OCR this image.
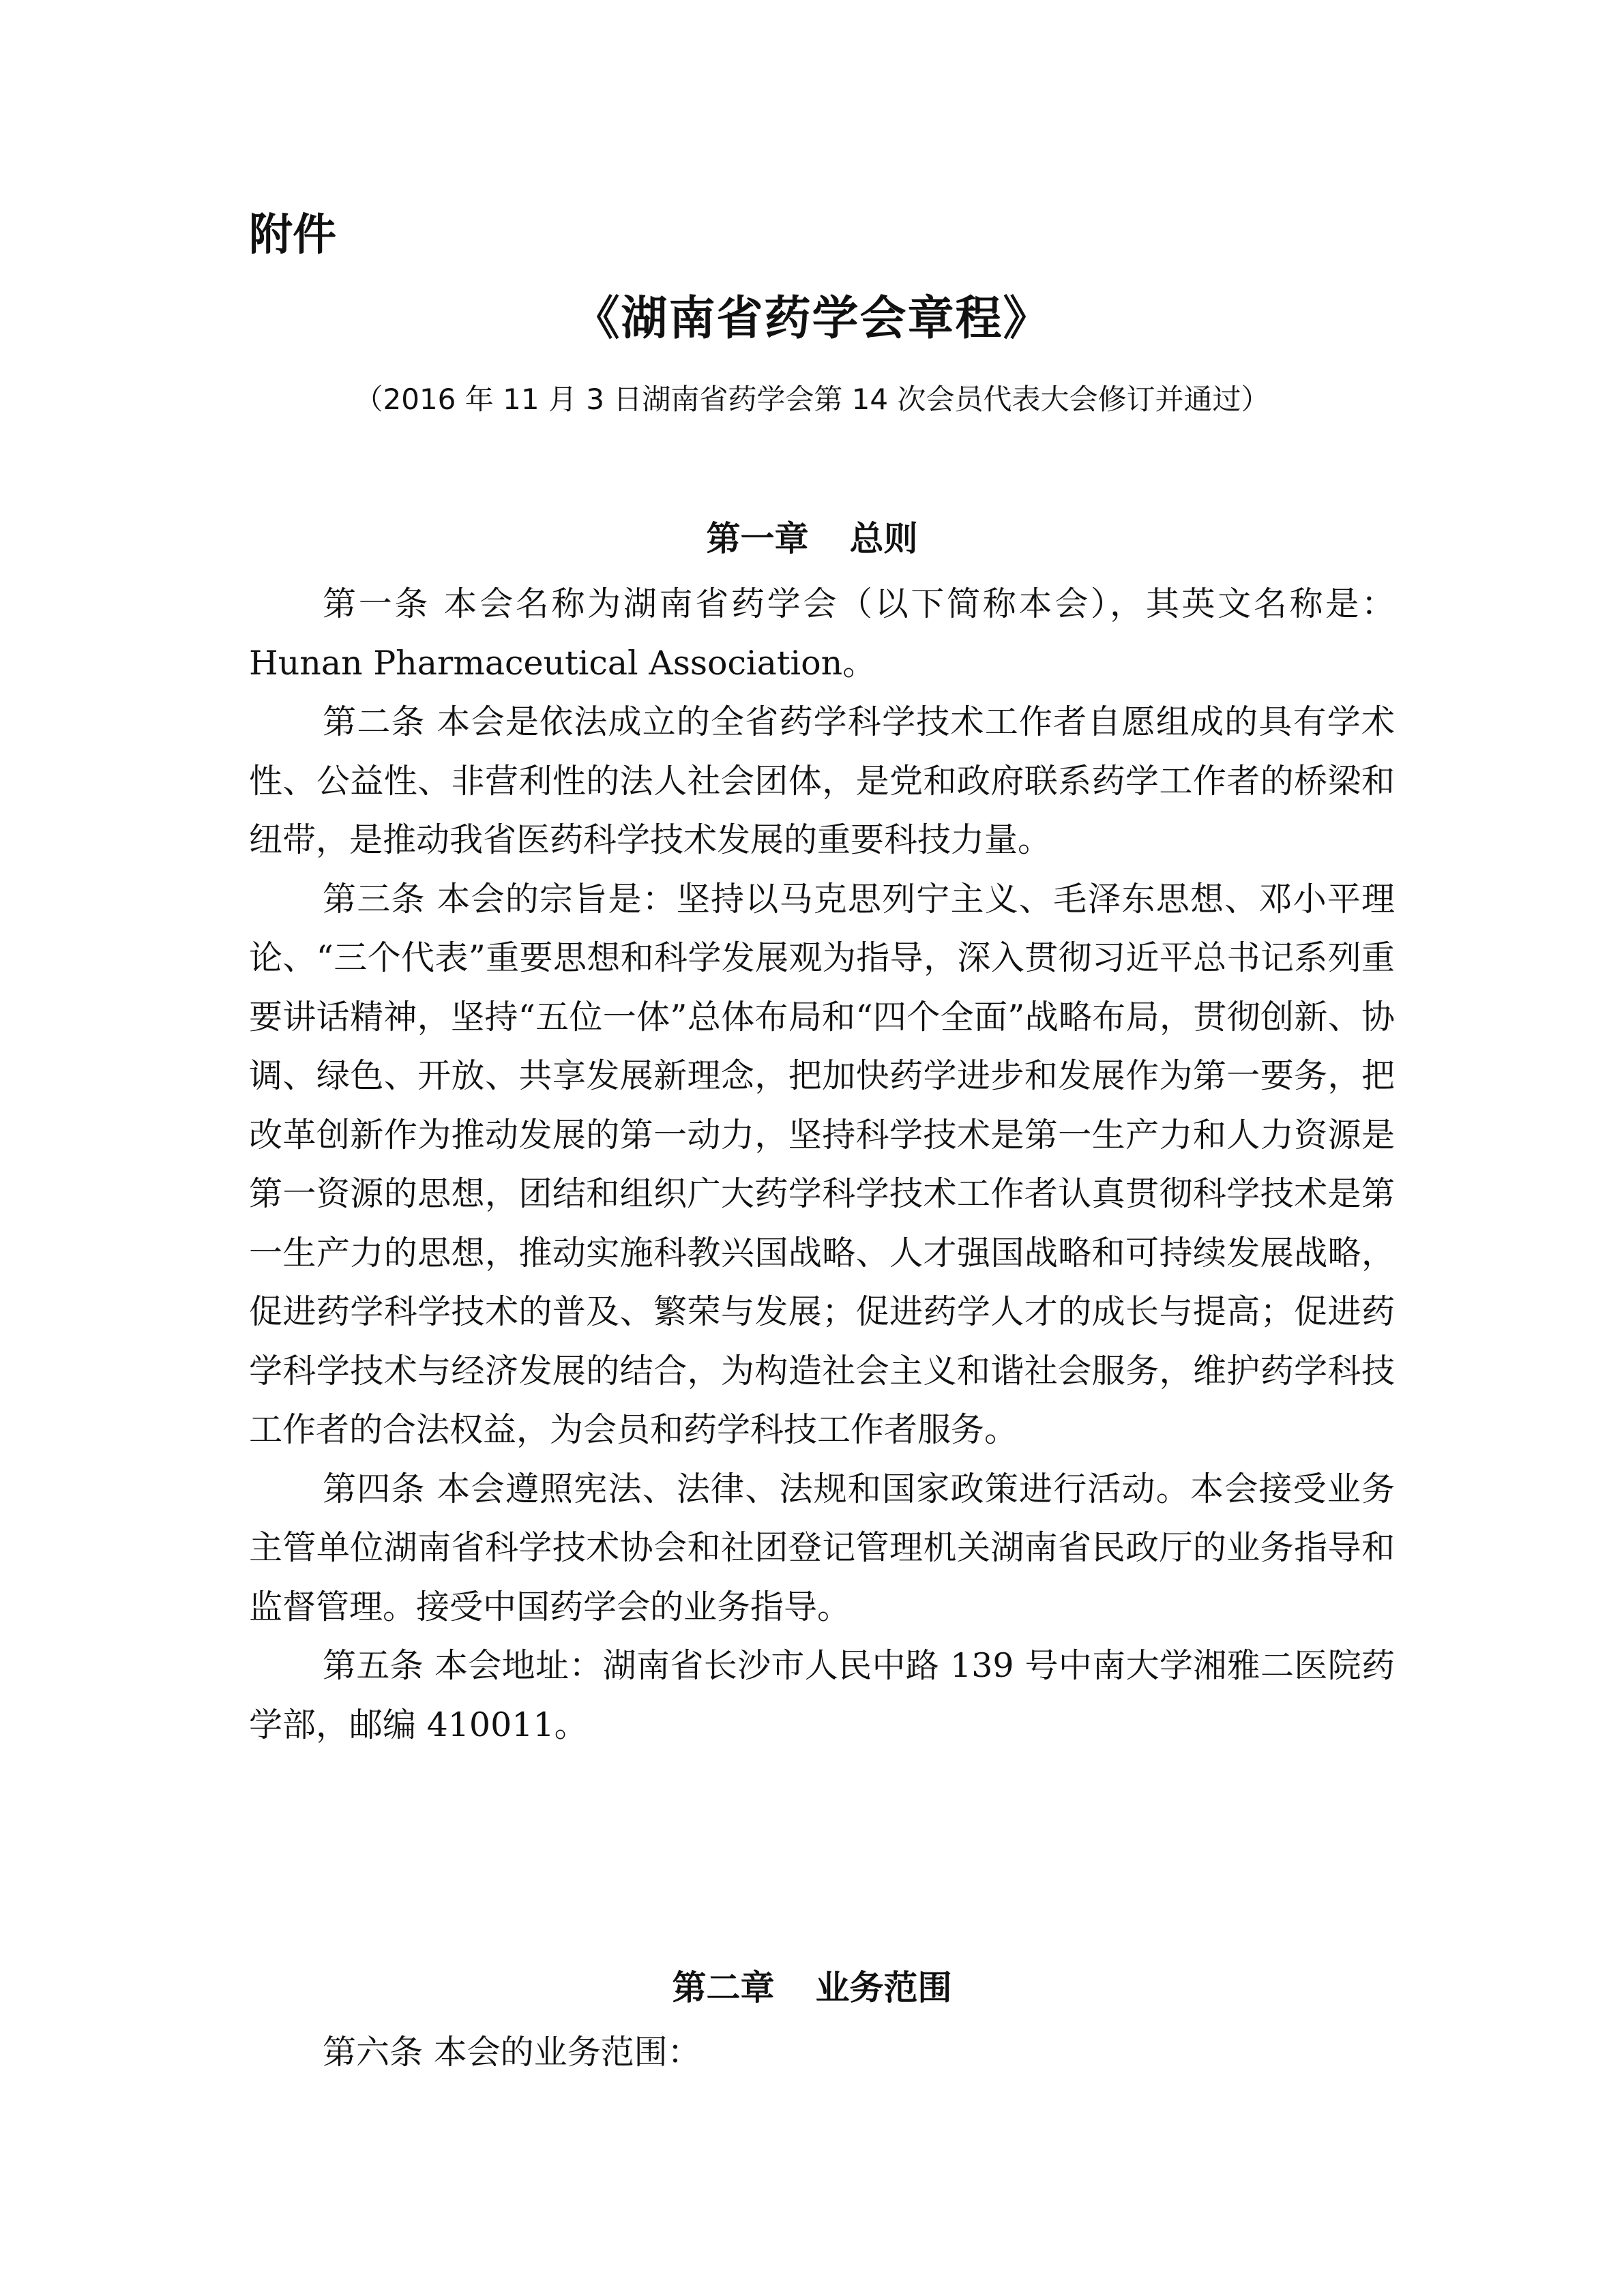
附件
《湖南省药学会章程》
（2016 年 11 月 3 日湖南省药学会第 14 次会员代表大会修订并通过）
第一章 总则

第一条 本会名称为湖南省药学会（以下简称本会），其英文名称是：Hunan Pharmaceutical Association。

第二条 本会是依法成立的全省药学科学技术工作者自愿组成的具有学术性、公益性、非营利性的法人社会团体，是党和政府联系药学工作者的桥梁和纽带，是推动我省医药科学技术发展的重要科技力量。

第三条 本会的宗旨是：坚持以马克思列宁主义、毛泽东思想、邓小平理论、“三个代表”重要思想和科学发展观为指导，深入贯彻习近平总书记系列重要讲话精神，坚持“五位一体”总体布局和“四个全面”战略布局，贯彻创新、协调、绿色、开放、共享发展新理念，把加快药学进步和发展作为第一要务，把改革创新作为推动发展的第一动力，坚持科学技术是第一生产力和人力资源是第一资源的思想，团结和组织广大药学科学技术工作者认真贯彻科学技术是第一生产力的思想，推动实施科教兴国战略、人才强国战略和可持续发展战略，促进药学科学技术的普及、繁荣与发展；促进药学人才的成长与提高；促进药学科学技术与经济发展的结合，为构造社会主义和谐社会服务，维护药学科技工作者的合法权益，为会员和药学科技工作者服务。

第四条 本会遵照宪法、法律、法规和国家政策进行活动。本会接受业务主管单位湖南省科学技术协会和社团登记管理机关湖南省民政厅的业务指导和监督管理。接受中国药学会的业务指导。

第五条 本会地址：湖南省长沙市人民中路 139 号中南大学湘雅二医院药学部，邮编 410011。

第二章 业务范围

第六条 本会的业务范围：
